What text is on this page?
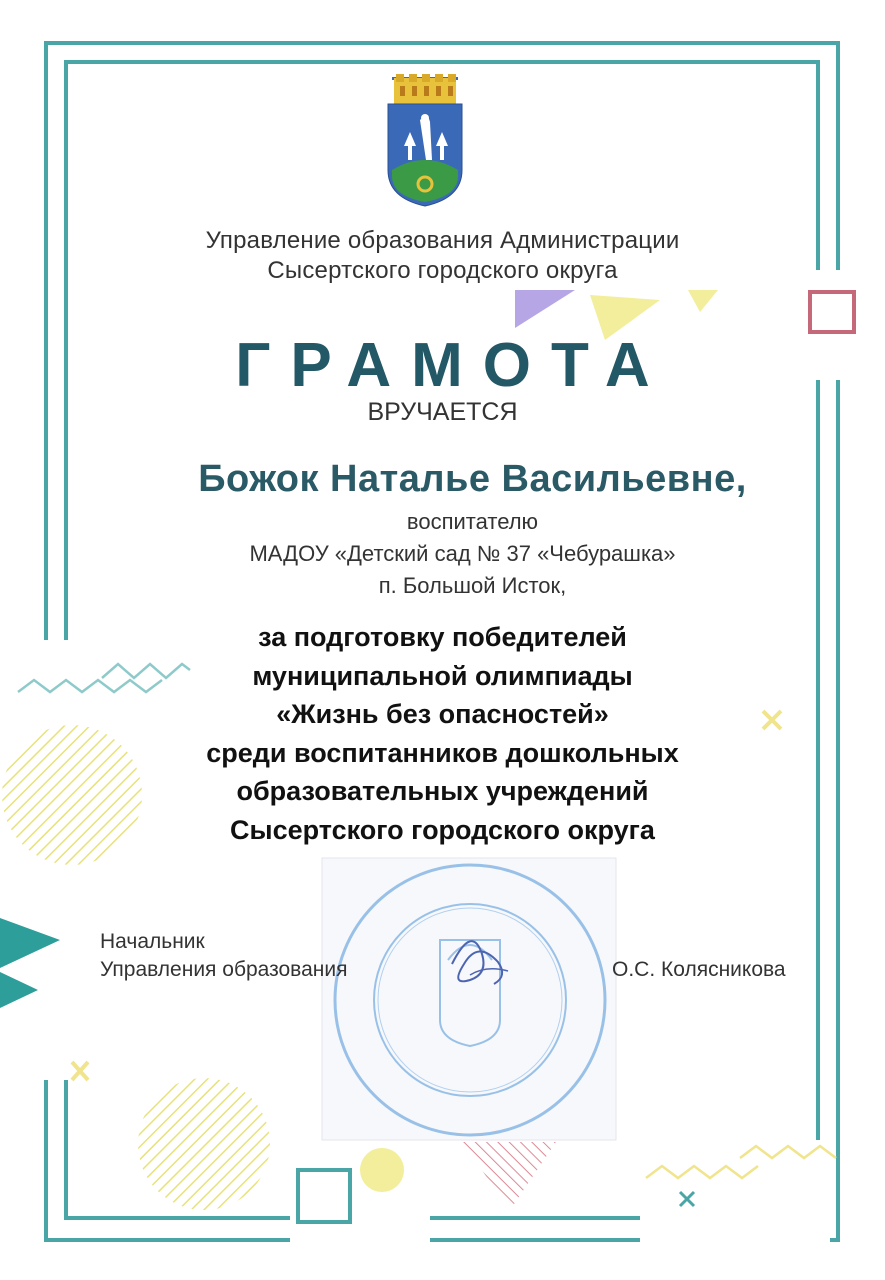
Управление образования Администрации
Сысертского городского округа
ГРАМОТА
ВРУЧАЕТСЯ
Божок Наталье Васильевне,
воспитателю
МАДОУ «Детский сад № 37 «Чебурашка»
п. Большой Исток,
за подготовку победителей
муниципальной олимпиады
«Жизнь без опасностей»
среди воспитанников дошкольных
образовательных учреждений
Сысертского городского округа
Начальник
Управления образования	О.С. Колясникова
